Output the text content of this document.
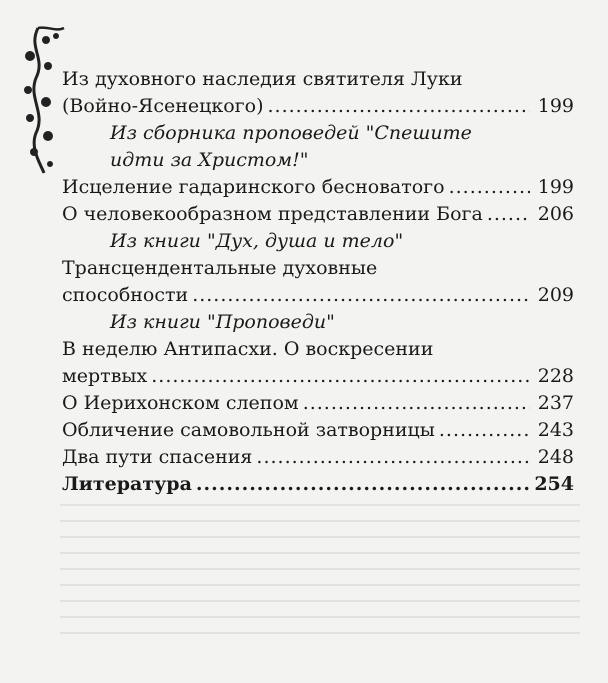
Из духовного наследия святителя Луки
(Войно-Ясенецкого) .....	199
Из сборника проповедей "Спешите
идти за Христом!"
Исцеление гадаринского бесноватого .....	199
О человекообразном представлении Бога .....	206
Из книги "Дух, душа и тело"
Трансцендентальные духовные
способности .....	209
Из книги "Проповеди"
В неделю Антипасхи. О воскресении
мертвых .....	228
О Иерихонском слепом .....	237
Обличение самовольной затворницы .....	243
Два пути спасения .....	248
Литература .....	254
